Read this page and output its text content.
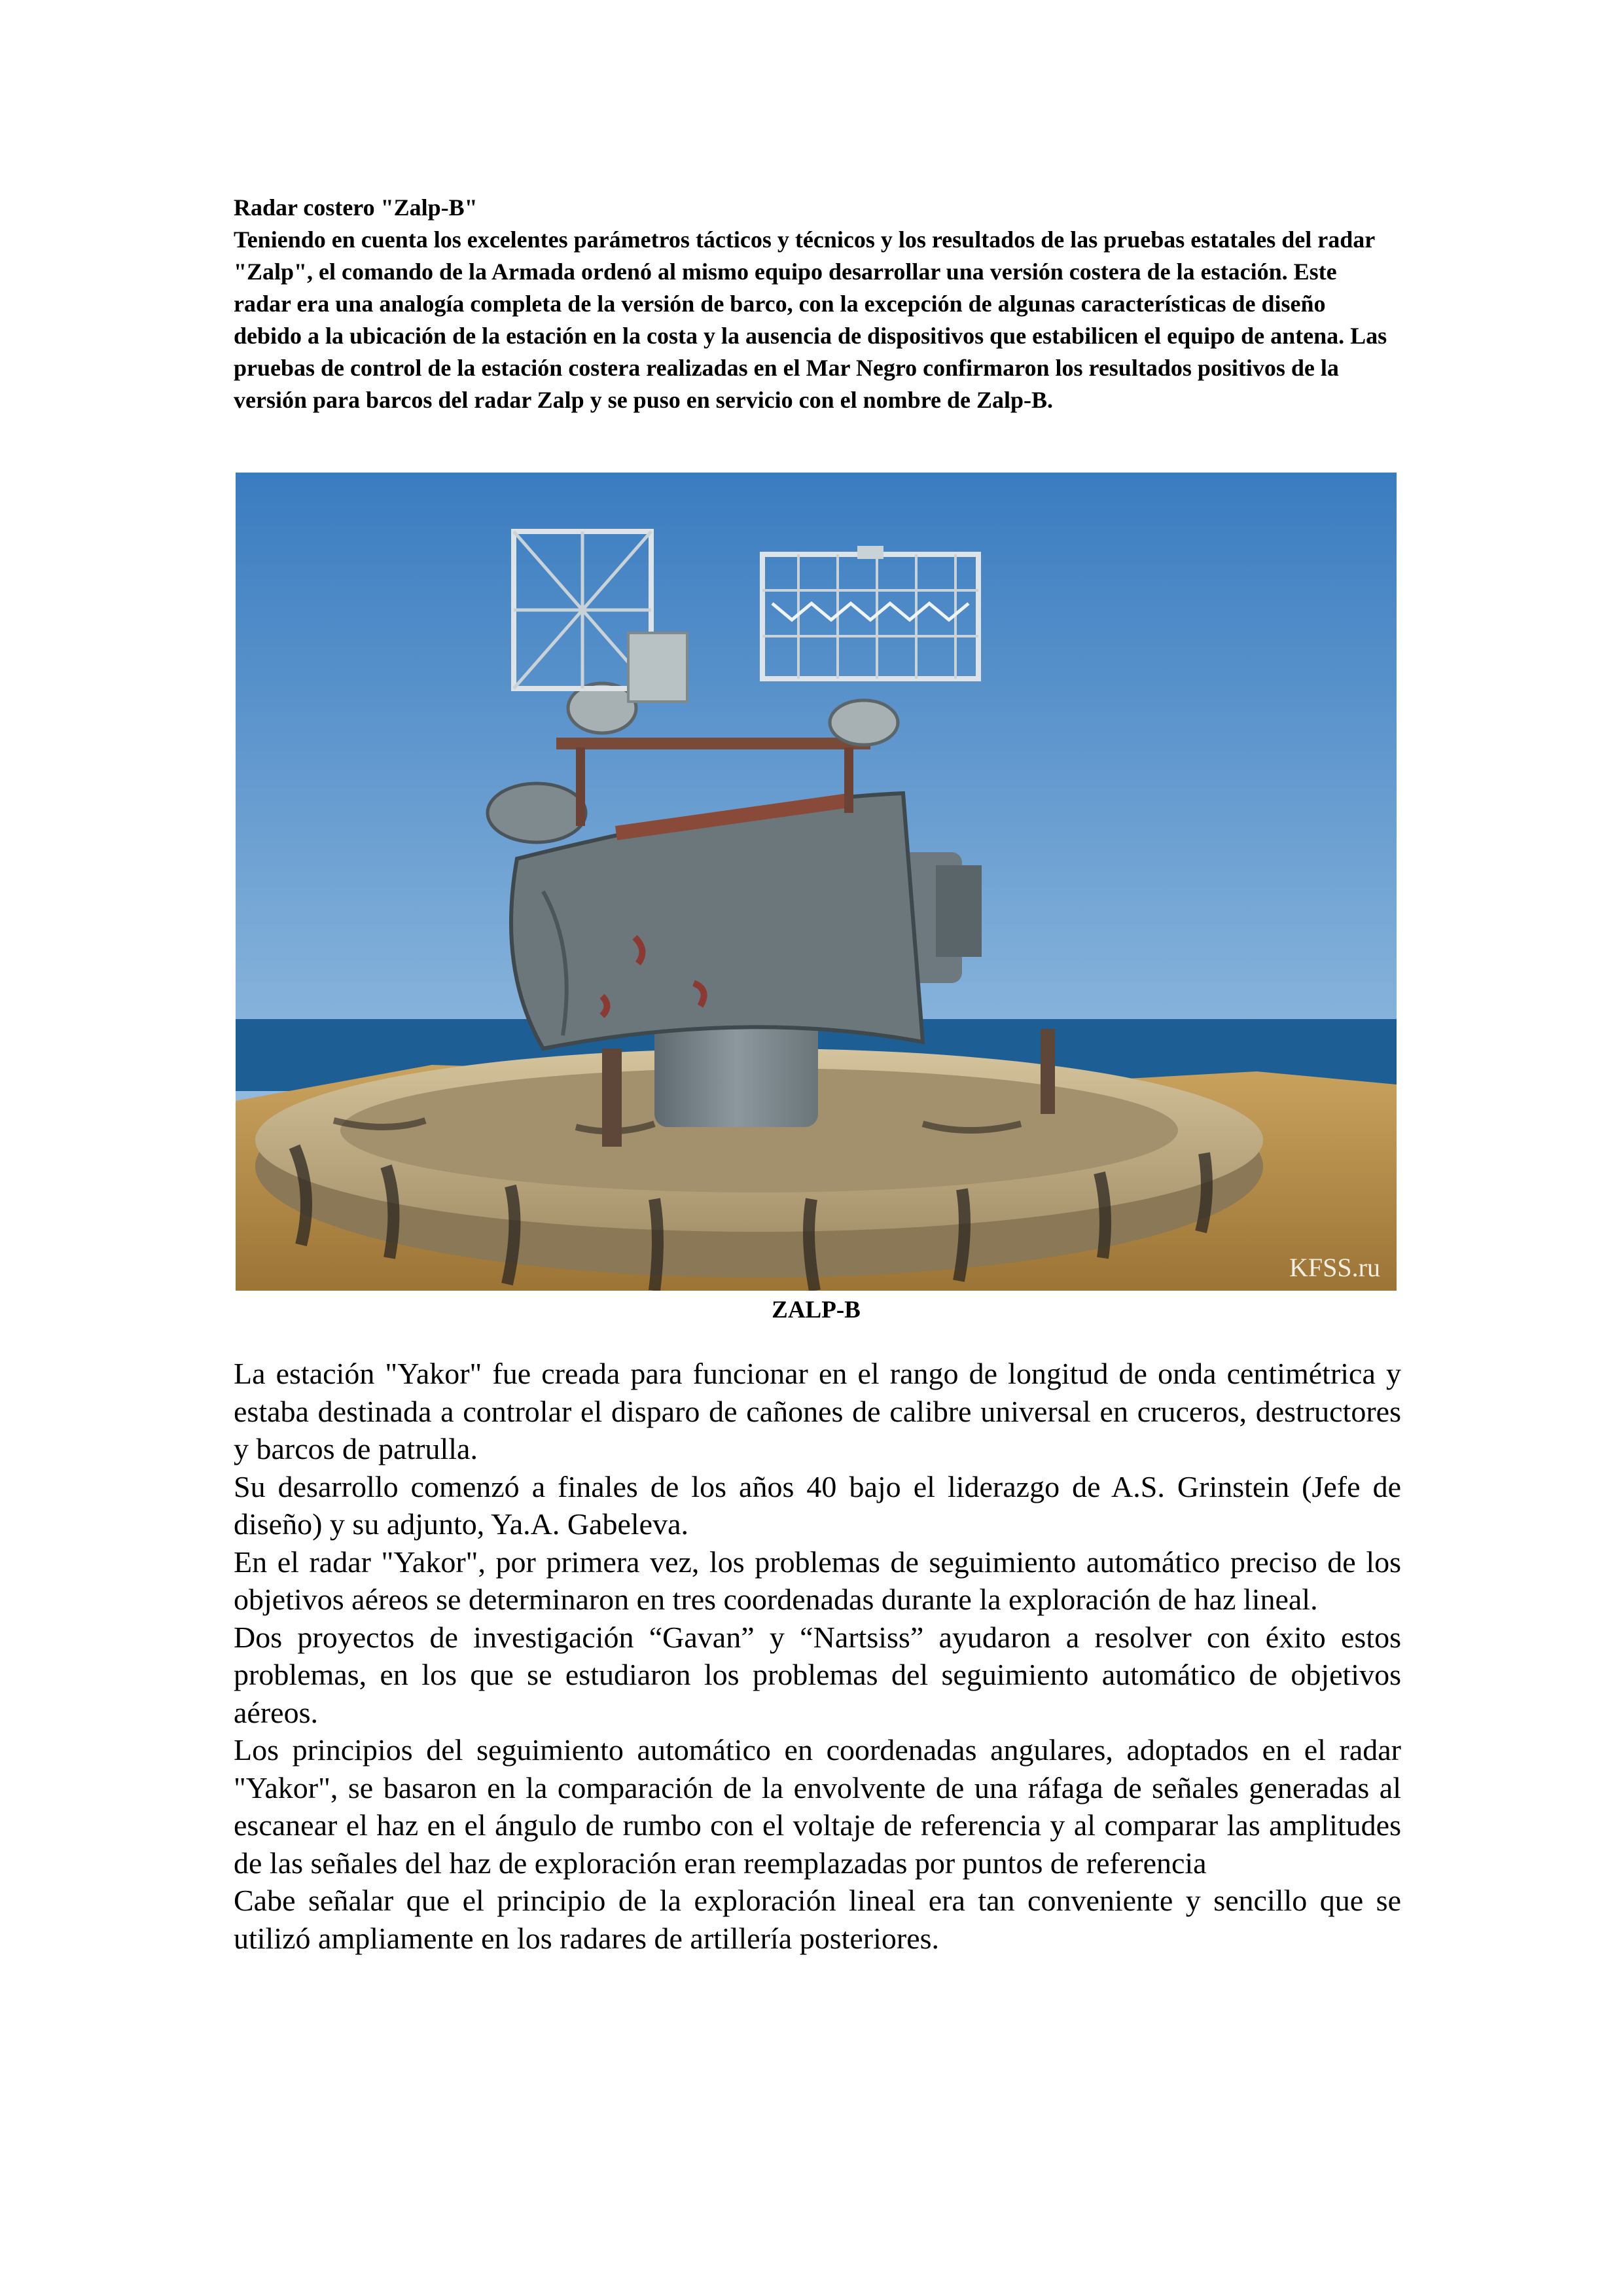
Radar costero "Zalp-B"

Teniendo en cuenta los excelentes parámetros tácticos y técnicos y los resultados de las pruebas estatales del radar "Zalp", el comando de la Armada ordenó al mismo equipo desarrollar una versión costera de la estación. Este radar era una analogía completa de la versión de barco, con la excepción de algunas características de diseño debido a la ubicación de la estación en la costa y la ausencia de dispositivos que estabilicen el equipo de antena. Las pruebas de control de la estación costera realizadas en el Mar Negro confirmaron los resultados positivos de la versión para barcos del radar Zalp y se puso en servicio con el nombre de Zalp-B.

KFSS.ru
ZALP-B

La estación "Yakor" fue creada para funcionar en el rango de longitud de onda centimétrica y estaba destinada a controlar el disparo de cañones de calibre universal en cruceros, destructores y barcos de patrulla.

Su desarrollo comenzó a finales de los años 40 bajo el liderazgo de A.S. Grinstein (Jefe de diseño) y su adjunto, Ya.A. Gabeleva.

En el radar "Yakor", por primera vez, los problemas de seguimiento automático preciso de los objetivos aéreos se determinaron en tres coordenadas durante la exploración de haz lineal.

Dos proyectos de investigación “Gavan” y “Nartsiss” ayudaron a resolver con éxito estos problemas, en los que se estudiaron los problemas del seguimiento automático de objetivos aéreos.

Los principios del seguimiento automático en coordenadas angulares, adoptados en el radar "Yakor", se basaron en la comparación de la envolvente de una ráfaga de señales generadas al escanear el haz en el ángulo de rumbo con el voltaje de referencia y al comparar las amplitudes de las señales del haz de exploración eran reemplazadas por puntos de referencia

Cabe señalar que el principio de la exploración lineal era tan conveniente y sencillo que se utilizó ampliamente en los radares de artillería posteriores.
